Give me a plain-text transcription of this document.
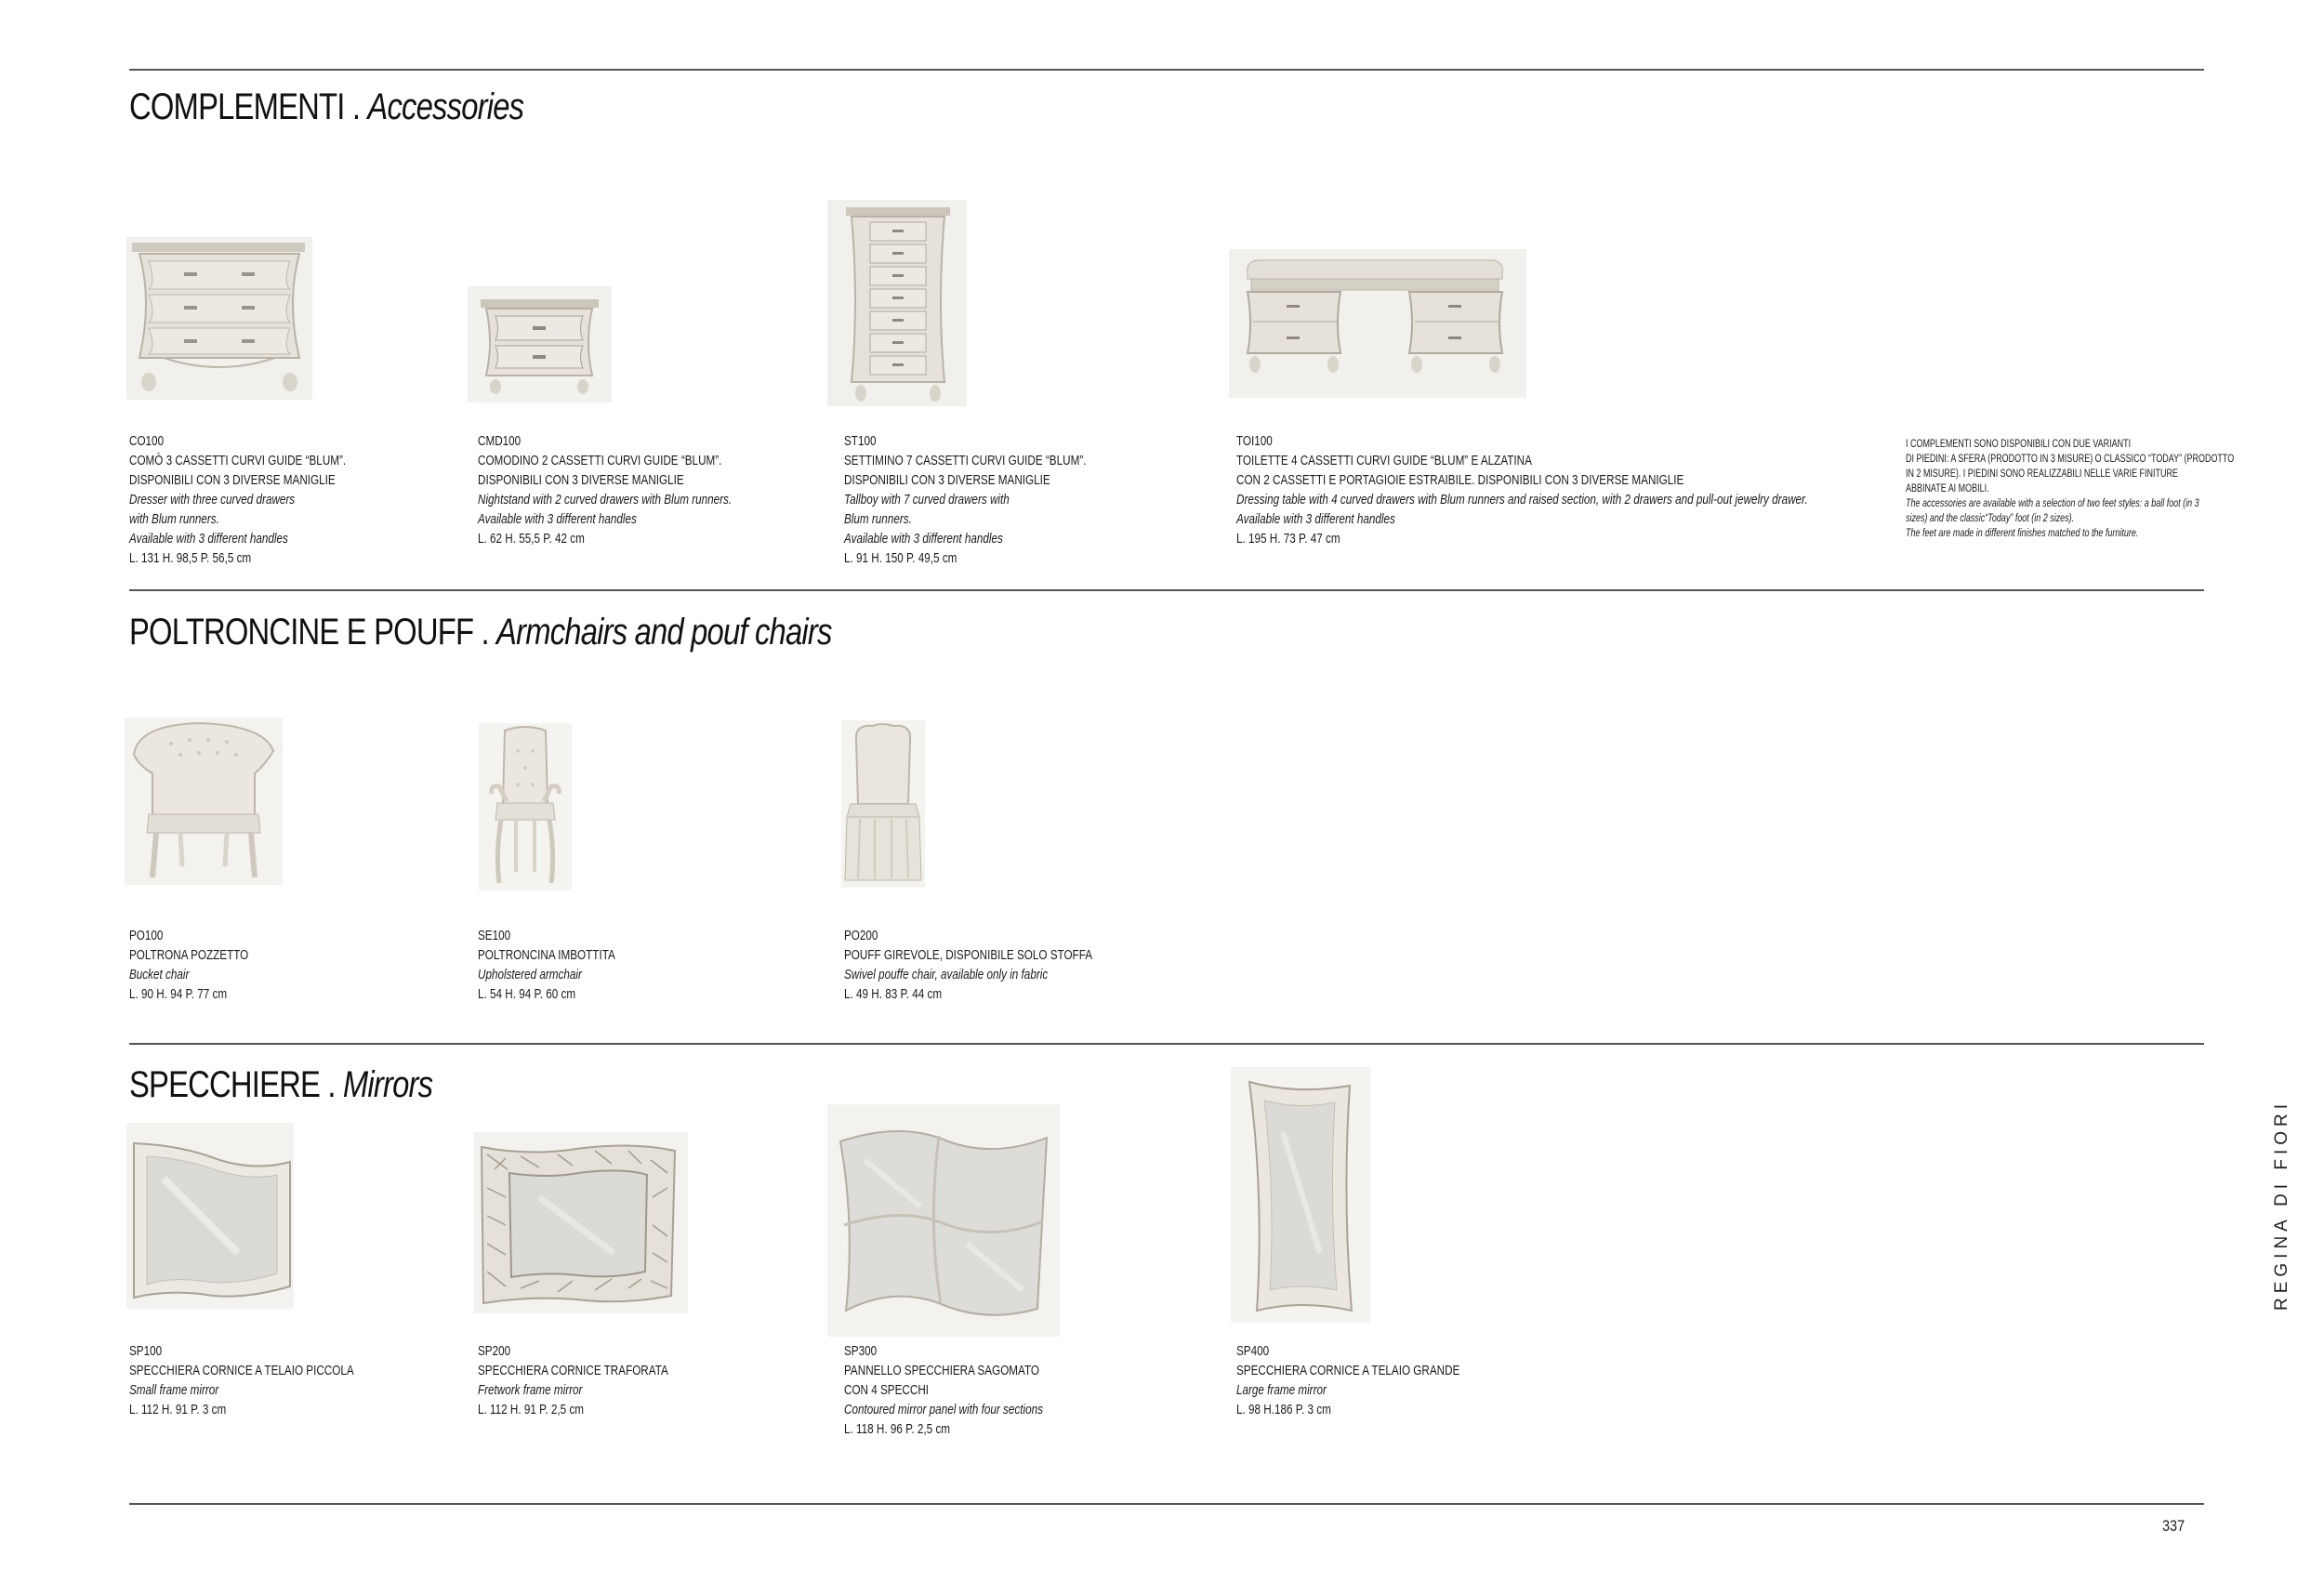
COMPLEMENTI . Accessories
POLTRONCINE E POUFF . Armchairs and pouf chairs
SPECCHIERE . Mirrors
CO100
COMÒ 3 CASSETTI CURVI GUIDE “BLUM”.
DISPONIBILI CON 3 DIVERSE MANIGLIE
Dresser with three curved drawers
with Blum runners.
Available with 3 different handles
L. 131 H. 98,5 P. 56,5 cm
CMD100
COMODINO 2 CASSETTI CURVI GUIDE “BLUM”.
DISPONIBILI CON 3 DIVERSE MANIGLIE
Nightstand with 2 curved drawers with Blum runners.
Available with 3 different handles
L. 62 H. 55,5 P. 42 cm
ST100
SETTIMINO 7 CASSETTI CURVI GUIDE “BLUM”.
DISPONIBILI CON 3 DIVERSE MANIGLIE
Tallboy with 7 curved drawers with
Blum runners.
Available with 3 different handles
L. 91 H. 150 P. 49,5 cm
TOI100
TOILETTE 4 CASSETTI CURVI GUIDE “BLUM” E ALZATINA
CON 2 CASSETTI E PORTAGIOIE ESTRAIBILE. DISPONIBILI CON 3 DIVERSE MANIGLIE
Dressing table with 4 curved drawers with Blum runners and raised section, with 2 drawers and pull-out jewelry drawer.
Available with 3 different handles
L. 195 H. 73 P. 47 cm
I COMPLEMENTI SONO DISPONIBILI CON DUE VARIANTI
DI PIEDINI: A SFERA (PRODOTTO IN 3 MISURE) O CLASSICO “TODAY” (PRODOTTO
IN 2 MISURE). I PIEDINI SONO REALIZZABILI NELLE VARIE FINITURE
ABBINATE AI MOBILI.
The accessories are available with a selection of two feet styles: a ball foot (in 3
sizes) and the classic“Today” foot (in 2 sizes).
The feet are made in different finishes matched to the furniture.
PO100
POLTRONA POZZETTO
Bucket chair
L. 90 H. 94 P. 77 cm
SE100
POLTRONCINA IMBOTTITA
Upholstered armchair
L. 54 H. 94 P. 60 cm
PO200
POUFF GIREVOLE, DISPONIBILE SOLO STOFFA
Swivel pouffe chair, available only in fabric
L. 49 H. 83 P. 44 cm
SP100
SPECCHIERA CORNICE A TELAIO PICCOLA
Small frame mirror
L. 112 H. 91 P. 3 cm
SP200
SPECCHIERA CORNICE TRAFORATA
Fretwork frame mirror
L. 112 H. 91 P. 2,5 cm
SP300
PANNELLO SPECCHIERA SAGOMATO
CON 4 SPECCHI
Contoured mirror panel with four sections
L. 118 H. 96 P. 2,5 cm
SP400
SPECCHIERA CORNICE A TELAIO GRANDE
Large frame mirror
L. 98 H.186 P. 3 cm
REGINA DI FIORI
337
